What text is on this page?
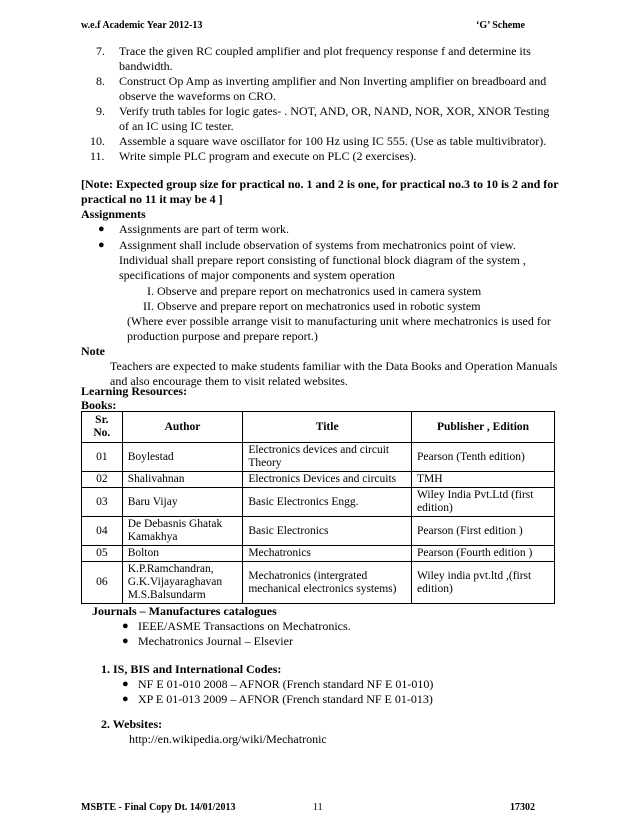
w.e.f Academic Year 2012-13	‘G’ Scheme
7. Trace the given RC coupled amplifier and plot frequency response f and determine its
bandwidth.
8. Construct Op Amp as inverting amplifier and Non Inverting amplifier on breadboard and
observe the waveforms on CRO.
9. Verify truth tables for logic gates- . NOT, AND, OR, NAND, NOR, XOR, XNOR Testing
of an IC using IC tester.
10. Assemble a square wave oscillator for 100 Hz using IC 555. (Use as table multivibrator).
11. Write simple PLC program and execute on PLC (2 exercises).
[Note: Expected group size for practical no. 1 and 2 is one, for practical no.3 to 10 is 2 and for
practical no 11 it may be 4 ]
Assignments
● Assignments are part of term work.
● Assignment shall include observation of systems from mechatronics point of view.
Individual shall prepare report consisting of functional block diagram of the system ,
specifications of major components and system operation
I. Observe and prepare report on mechatronics used in camera system
II. Observe and prepare report on mechatronics used in robotic system
(Where ever possible arrange visit to manufacturing unit where mechatronics is used for
production purpose and prepare report.)
Note
Teachers are expected to make students familiar with the Data Books and Operation Manuals
and also encourage them to visit related websites.
Learning Resources:
Books:
Sr. No.	Author	Title	Publisher , Edition
01	Boylestad	Electronics devices and circuit Theory	Pearson (Tenth edition)
02	Shalivahnan	Electronics Devices and circuits	TMH
03	Baru Vijay	Basic Electronics Engg.	Wiley India Pvt.Ltd (first edition)
04	De Debasnis Ghatak Kamakhya	Basic Electronics	Pearson (First edition )
05	Bolton	Mechatronics	Pearson (Fourth edition )
06	K.P.Ramchandran, G.K.Vijayaraghavan M.S.Balsundarm	Mechatronics (intergrated mechanical electronics systems)	Wiley india pvt.ltd ,(first edition)
Journals – Manufactures catalogues
● IEEE/ASME Transactions on Mechatronics.
● Mechatronics Journal – Elsevier
1. IS, BIS and International Codes:
● NF E 01-010 2008 – AFNOR (French standard NF E 01-010)
● XP E 01-013 2009 – AFNOR (French standard NF E 01-013)
2. Websites:
http://en.wikipedia.org/wiki/Mechatronic
MSBTE - Final Copy Dt. 14/01/2013	11	17302
